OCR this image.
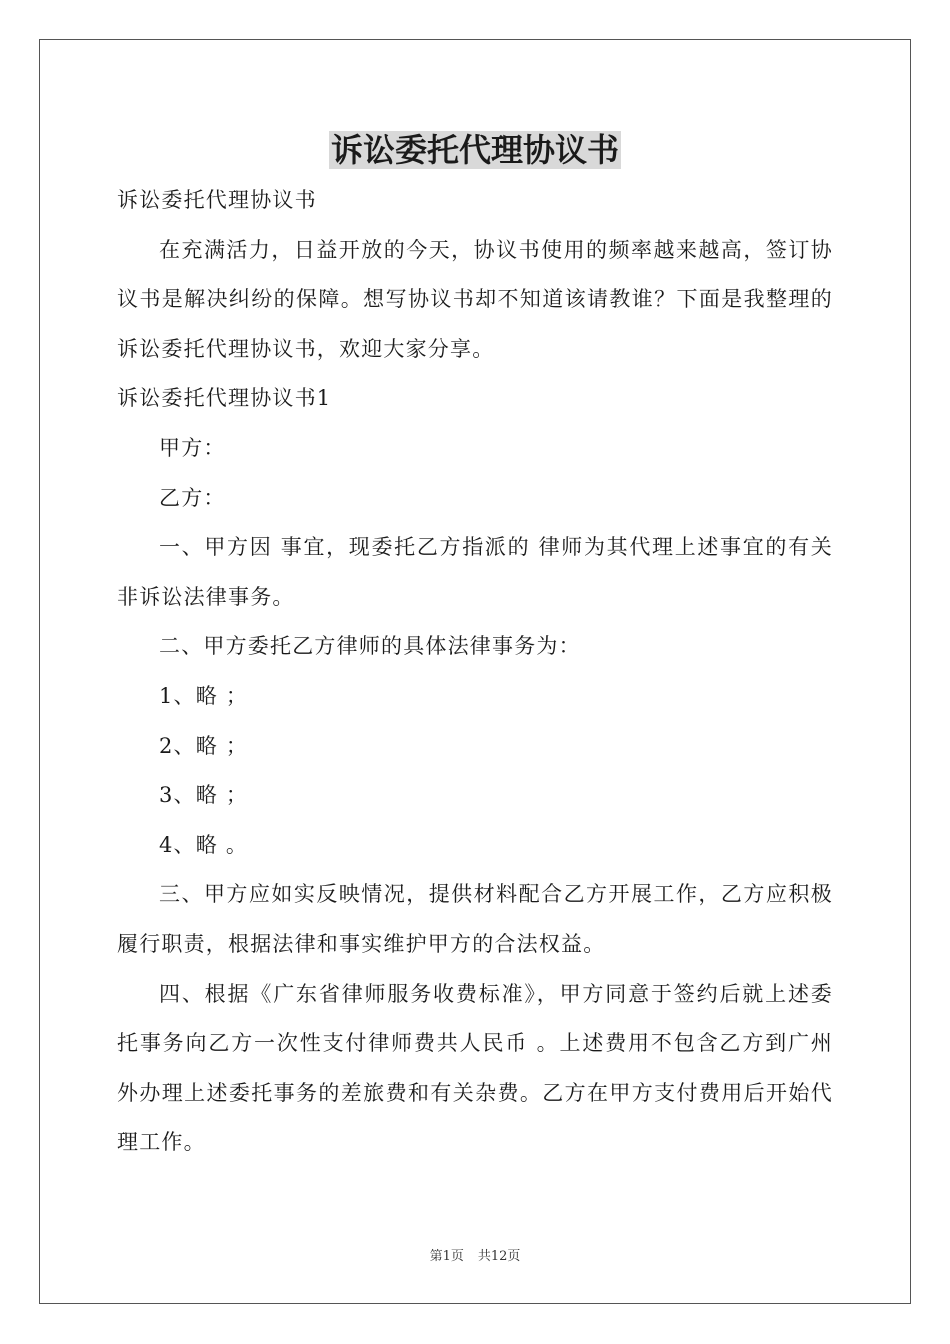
诉讼委托代理协议书

诉讼委托代理协议书

在充满活力，日益开放的今天，协议书使用的频率越来越高，签订协议书是解决纠纷的保障。想写协议书却不知道该请教谁？下面是我整理的诉讼委托代理协议书，欢迎大家分享。

诉讼委托代理协议书1

甲方：

乙方：

一、甲方因 事宜，现委托乙方指派的 律师为其代理上述事宜的有关非诉讼法律事务。

二、甲方委托乙方律师的具体法律事务为：

1、略 ；

2、略 ；

3、略 ；

4、略 。

三、甲方应如实反映情况，提供材料配合乙方开展工作，乙方应积极履行职责，根据法律和事实维护甲方的合法权益。

四、根据《广东省律师服务收费标准》，甲方同意于签约后就上述委托事务向乙方一次性支付律师费共人民币 。上述费用不包含乙方到广州外办理上述委托事务的差旅费和有关杂费。乙方在甲方支付费用后开始代理工作。

第1页 共12页
